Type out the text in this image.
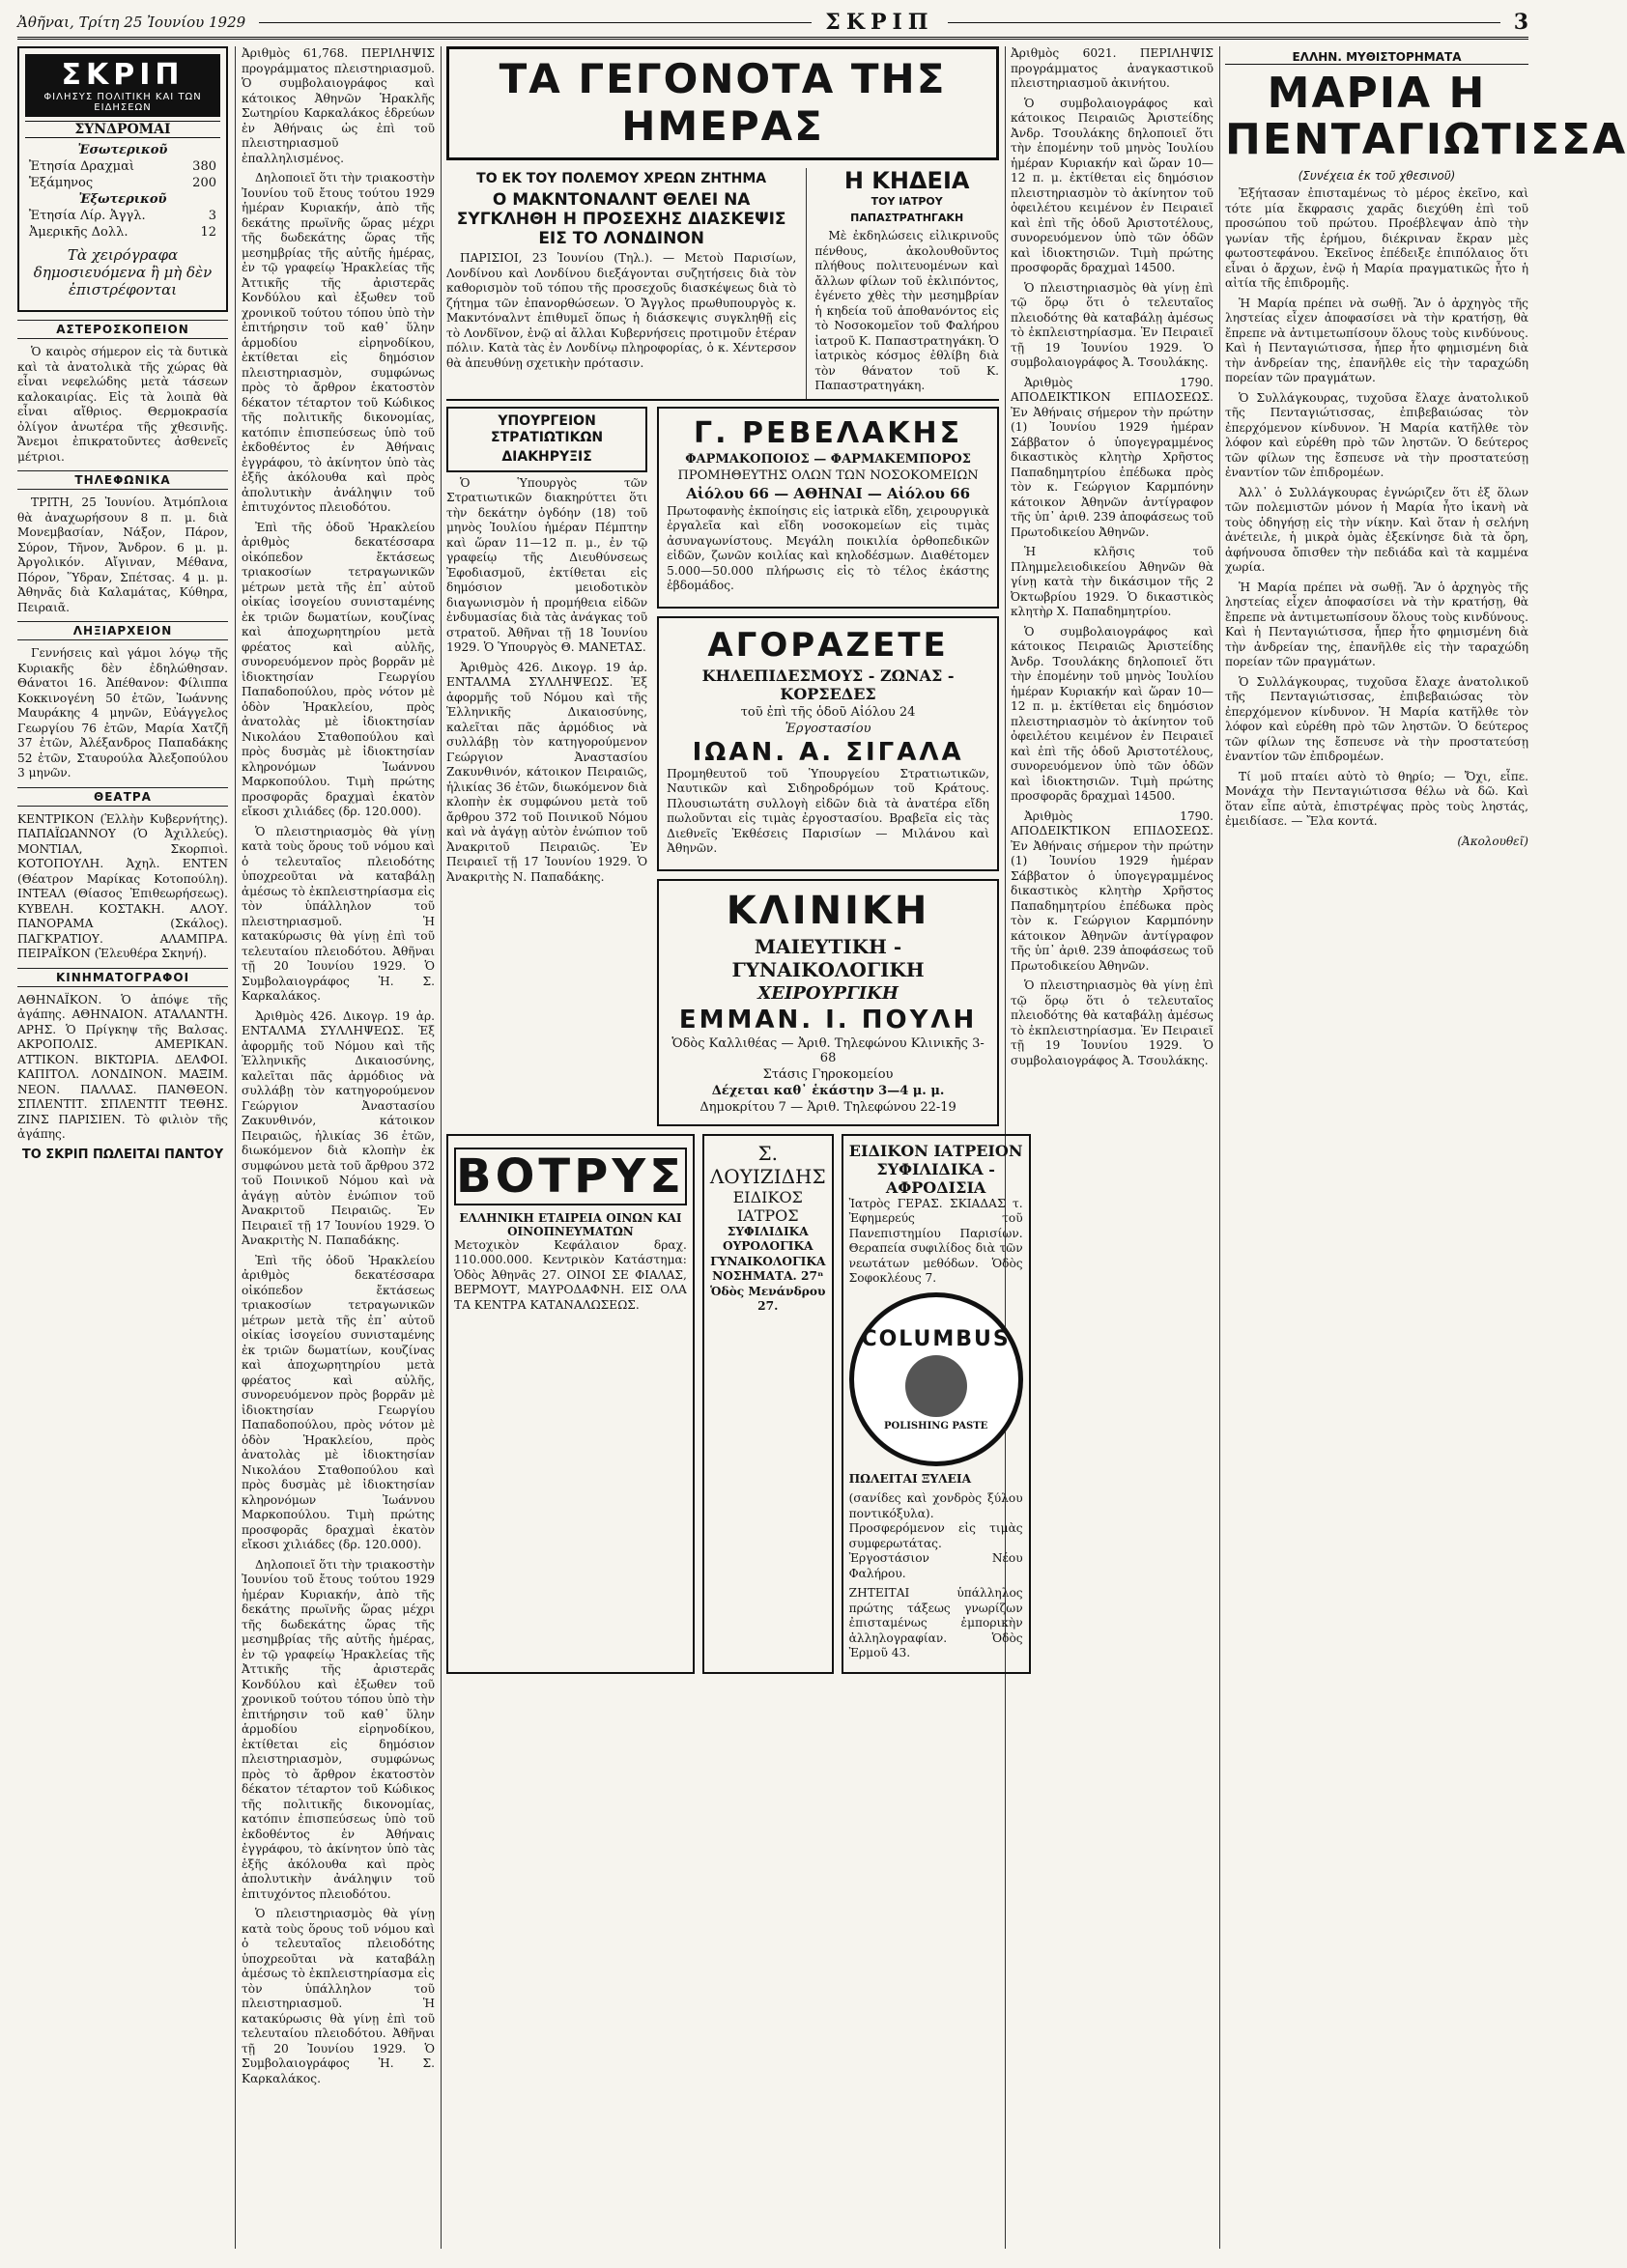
Ἀθῆναι, Τρίτη 25 Ἰουνίου 1929	ΣΚΡΙΠ	3
ΣΚΡΙΠ
ΦΙΛΗΣΥΣ ΠΟΛΙΤΙΚΗ ΚΑΙ ΤΩΝ ΕΙΔΗΣΕΩΝ
ΣΥΝΔΡΟΜΑΙ
Ἐσωτερικοῦ
Ἐτησία Δραχμαὶ	380
Ἑξάμηνος	200
Ἐξωτερικοῦ
Ἐτησία Λίρ. Ἀγγλ.	3
Ἀμερικῆς Δολλ.	12
Τὰ χειρόγραφα δημοσιευόμενα ἢ μὴ δὲν ἐπιστρέφονται
ΑΣΤΕΡΟΣΚΟΠΕΙΟΝ

Ὁ καιρὸς σήμερον εἰς τὰ δυτικὰ καὶ τὰ ἀνατολικὰ τῆς χώρας θὰ εἶναι νεφελώδης μετὰ τάσεων καλοκαιρίας. Εἰς τὰ λοιπὰ θὰ εἶναι αἴθριος. Θερμοκρασία ὀλίγον ἀνωτέρα τῆς χθεσινῆς. Ἄνεμοι ἐπικρατοῦντες ἀσθενεῖς μέτριοι.

ΤΗΛΕΦΩΝΙΚΑ

ΤΡΙΤΗ, 25 Ἰουνίου. Ἀτμόπλοια θὰ ἀναχωρήσουν 8 π. μ. διὰ Μονεμβασίαν, Νάξον, Πάρον, Σύρον, Τῆνον, Ἄνδρον. 6 μ. μ. Ἀργολικόν. Αἴγιναν, Μέθανα, Πόρον, Ὕδραν, Σπέτσας. 4 μ. μ. Ἀθηνᾶς διὰ Καλαμάτας, Κύθηρα, Πειραιᾶ.

ΛΗΞΙΑΡΧΕΙΟΝ

Γεννήσεις καὶ γάμοι λόγῳ τῆς Κυριακῆς δὲν ἐδηλώθησαν. Θάνατοι 16. Ἀπέθανον: Φίλιππα Κοκκινογένη 50 ἐτῶν, Ἰωάννης Μαυράκης 4 μηνῶν, Εὐάγγελος Γεωργίου 76 ἐτῶν, Μαρία Χατζῆ 37 ἐτῶν, Ἀλέξανδρος Παπαδάκης 52 ἐτῶν, Σταυρούλα Ἀλεξοπούλου 3 μηνῶν.

ΘΕΑΤΡΑ

ΚΕΝΤΡΙΚΟΝ (Ἑλλὴν Κυβερνήτης). ΠΑΠΑΪΩΑΝΝΟΥ (Ὁ Ἀχιλλεύς). ΜΟΝΤΙΑΛ, Σκορπιοὶ. ΚΟΤΟΠΟΥΛΗ. Ἀχηλ. ΕΝΤΕΝ (Θέατρον Μαρίκας Κοτοπούλη). ΙΝΤΕΑΛ (Θίασος Ἐπιθεωρήσεως). ΚΥΒΕΛΗ. ΚΟΣΤΑΚΗ. ΑΛΟΥ. ΠΑΝΟΡΑΜΑ (Σκάλος). ΠΑΓΚΡΑΤΙΟΥ. ΑΛΑΜΠΡΑ. ΠΕΙΡΑΪΚΟΝ (Ἐλευθέρα Σκηνή).

ΚΙΝΗΜΑΤΟΓΡΑΦΟΙ

ΑΘΗΝΑΪΚΟΝ. Ὁ ἀπόψε τῆς ἀγάπης. ΑΘΗΝΑΙΟΝ. ΑΤΑΛΑΝΤΗ. ΑΡΗΣ. Ὁ Πρίγκηψ τῆς Βαλσας. ΑΚΡΟΠΟΛΙΣ. ΑΜΕΡΙΚΑΝ. ΑΤΤΙΚΟΝ. ΒΙΚΤΩΡΙΑ. ΔΕΛΦΟΙ. ΚΑΠΙΤΟΛ. ΛΟΝΔΙΝΟΝ. ΜΑΞΙΜ. ΝΕΟΝ. ΠΑΛΛΑΣ. ΠΑΝΘΕΟΝ. ΣΠΛΕΝΤΙΤ. ΣΠΛΕΝΤΙΤ ΤΕΘΗΣ. ΖΙΝΣ ΠΑΡΙΣΙΕΝ. Τὸ φιλιὸν τῆς ἀγάπης.

ΤΟ ΣΚΡΙΠ ΠΩΛΕΙΤΑΙ ΠΑΝΤΟΥ

Ἀριθμὸς 61,768. ΠΕΡΙΛΗΨΙΣ προγράμματος πλειστηριασμοῦ. Ὁ συμβολαιογράφος καὶ κάτοικος Ἀθηνῶν Ἡρακλῆς Σωτηρίου Καρκαλάκος ἑδρεύων ἐν Ἀθήναις ὡς ἐπὶ τοῦ πλειστηριασμοῦ ἐπαλληλισμένος.

Δηλοποιεῖ ὅτι τὴν τριακοστὴν Ἰουνίου τοῦ ἔτους τούτου 1929 ἡμέραν Κυριακήν, ἀπὸ τῆς δεκάτης πρωϊνῆς ὥρας μέχρι τῆς δωδεκάτης ὥρας τῆς μεσημβρίας τῆς αὐτῆς ἡμέρας, ἐν τῷ γραφείῳ Ἡρακλείας τῆς Ἀττικῆς τῆς ἀριστερᾶς Κονδύλου καὶ ἐξωθεν τοῦ χρονικοῦ τούτου τόπου ὑπὸ τὴν ἐπιτήρησιν τοῦ καθ᾽ ὕλην ἁρμοδίου εἰρηνοδίκου, ἐκτίθεται εἰς δημόσιον πλειστηριασμὸν, συμφώνως πρὸς τὸ ἄρθρον ἑκατοστὸν δέκατον τέταρτον τοῦ Κώδικος τῆς πολιτικῆς δικονομίας, κατόπιν ἐπισπεύσεως ὑπὸ τοῦ ἐκδοθέντος ἐν Ἀθήναις ἐγγράφου, τὸ ἀκίνητον ὑπὸ τὰς ἑξῆς ἀκόλουθα καὶ πρὸς ἀπολυτικὴν ἀνάληψιν τοῦ ἐπιτυχόντος πλειοδότου.

Ἐπὶ τῆς ὁδοῦ Ἡρακλείου ἀριθμὸς δεκατέσσαρα οἰκόπεδον ἔκτάσεως τριακοσίων τετραγωνικῶν μέτρων μετὰ τῆς ἐπ᾽ αὐτοῦ οἰκίας ἰσογείου συνισταμένης ἐκ τριῶν δωματίων, κουζίνας καὶ ἀποχωρητηρίου μετὰ φρέατος καὶ αὐλῆς, συνορευόμενον πρὸς βορρᾶν μὲ ἰδιοκτησίαν Γεωργίου Παπαδοπούλου, πρὸς νότον μὲ ὁδὸν Ἡρακλείου, πρὸς ἀνατολὰς μὲ ἰδιοκτησίαν Νικολάου Σταθοπούλου καὶ πρὸς δυσμὰς μὲ ἰδιοκτησίαν κληρονόμων Ἰωάννου Μαρκοπούλου. Τιμὴ πρώτης προσφορᾶς δραχμαὶ ἑκατὸν εἴκοσι χιλιάδες (δρ. 120.000).

Ὁ πλειστηριασμὸς θὰ γίνῃ κατὰ τοὺς ὅρους τοῦ νόμου καὶ ὁ τελευταῖος πλειοδότης ὑποχρεοῦται νὰ καταβάλῃ ἀμέσως τὸ ἐκπλειστηρίασμα εἰς τὸν ὑπάλληλον τοῦ πλειστηριασμοῦ. Ἡ κατακύρωσις θὰ γίνῃ ἐπὶ τοῦ τελευταίου πλειοδότου. Ἀθῆναι τῇ 20 Ἰουνίου 1929. Ὁ Συμβολαιογράφος Ἡ. Σ. Καρκαλάκος.

Ἀριθμὸς 426. Δικογρ. 19 ἀρ. ΕΝΤΑΛΜΑ ΣΥΛΛΗΨΕΩΣ. Ἐξ ἀφορμῆς τοῦ Νόμου καὶ τῆς Ἑλληνικῆς Δικαιοσύνης, καλεῖται πᾶς ἀρμόδιος νὰ συλλάβῃ τὸν κατηγορούμενον Γεώργιον Ἀναστασίου Ζακυνθινόν, κάτοικον Πειραιῶς, ἡλικίας 36 ἐτῶν, διωκόμενον διὰ κλοπὴν ἐκ συμφώνου μετὰ τοῦ ἄρθρου 372 τοῦ Ποινικοῦ Νόμου καὶ νὰ ἀγάγῃ αὐτὸν ἐνώπιον τοῦ Ἀνακριτοῦ Πειραιῶς. Ἐν Πειραιεῖ τῇ 17 Ἰουνίου 1929. Ὁ Ἀνακριτὴς Ν. Παπαδάκης.

Ἐπὶ τῆς ὁδοῦ Ἡρακλείου ἀριθμὸς δεκατέσσαρα οἰκόπεδον ἔκτάσεως τριακοσίων τετραγωνικῶν μέτρων μετὰ τῆς ἐπ᾽ αὐτοῦ οἰκίας ἰσογείου συνισταμένης ἐκ τριῶν δωματίων, κουζίνας καὶ ἀποχωρητηρίου μετὰ φρέατος καὶ αὐλῆς, συνορευόμενον πρὸς βορρᾶν μὲ ἰδιοκτησίαν Γεωργίου Παπαδοπούλου, πρὸς νότον μὲ ὁδὸν Ἡρακλείου, πρὸς ἀνατολὰς μὲ ἰδιοκτησίαν Νικολάου Σταθοπούλου καὶ πρὸς δυσμὰς μὲ ἰδιοκτησίαν κληρονόμων Ἰωάννου Μαρκοπούλου. Τιμὴ πρώτης προσφορᾶς δραχμαὶ ἑκατὸν εἴκοσι χιλιάδες (δρ. 120.000).

Δηλοποιεῖ ὅτι τὴν τριακοστὴν Ἰουνίου τοῦ ἔτους τούτου 1929 ἡμέραν Κυριακήν, ἀπὸ τῆς δεκάτης πρωϊνῆς ὥρας μέχρι τῆς δωδεκάτης ὥρας τῆς μεσημβρίας τῆς αὐτῆς ἡμέρας, ἐν τῷ γραφείῳ Ἡρακλείας τῆς Ἀττικῆς τῆς ἀριστερᾶς Κονδύλου καὶ ἐξωθεν τοῦ χρονικοῦ τούτου τόπου ὑπὸ τὴν ἐπιτήρησιν τοῦ καθ᾽ ὕλην ἁρμοδίου εἰρηνοδίκου, ἐκτίθεται εἰς δημόσιον πλειστηριασμὸν, συμφώνως πρὸς τὸ ἄρθρον ἑκατοστὸν δέκατον τέταρτον τοῦ Κώδικος τῆς πολιτικῆς δικονομίας, κατόπιν ἐπισπεύσεως ὑπὸ τοῦ ἐκδοθέντος ἐν Ἀθήναις ἐγγράφου, τὸ ἀκίνητον ὑπὸ τὰς ἑξῆς ἀκόλουθα καὶ πρὸς ἀπολυτικὴν ἀνάληψιν τοῦ ἐπιτυχόντος πλειοδότου.

Ὁ πλειστηριασμὸς θὰ γίνῃ κατὰ τοὺς ὅρους τοῦ νόμου καὶ ὁ τελευταῖος πλειοδότης ὑποχρεοῦται νὰ καταβάλῃ ἀμέσως τὸ ἐκπλειστηρίασμα εἰς τὸν ὑπάλληλον τοῦ πλειστηριασμοῦ. Ἡ κατακύρωσις θὰ γίνῃ ἐπὶ τοῦ τελευταίου πλειοδότου. Ἀθῆναι τῇ 20 Ἰουνίου 1929. Ὁ Συμβολαιογράφος Ἡ. Σ. Καρκαλάκος.

ΤΑ ΓΕΓΟΝΟΤΑ ΤΗΣ ΗΜΕΡΑΣ
ΤΟ ΕΚ ΤΟΥ ΠΟΛΕΜΟΥ ΧΡΕΩΝ ΖΗΤΗΜΑ
Ο ΜΑΚΝΤΟΝΑΛΝΤ ΘΕΛΕΙ ΝΑ ΣΥΓΚΛΗΘΗ Η ΠΡΟΣΕΧΗΣ ΔΙΑΣΚΕΨΙΣ ΕΙΣ ΤΟ ΛΟΝΔΙΝΟΝ

ΠΑΡΙΣΙΟΙ, 23 Ἰουνίου (Τηλ.). — Μετοὺ Παρισίων, Λονδίνου καὶ Λονδίνου διεξάγονται συζητήσεις διὰ τὸν καθορισμὸν τοῦ τόπου τῆς προσεχοῦς διασκέψεως διὰ τὸ ζήτημα τῶν ἐπανορθώσεων. Ὁ Ἄγγλος πρωθυπουργὸς κ. Μακντόναλντ ἐπιθυμεῖ ὅπως ἡ διάσκεψις συγκληθῇ εἰς τὸ Λονδῖνον, ἐνῷ αἱ ἄλλαι Κυβερνήσεις προτιμοῦν ἑτέραν πόλιν. Κατὰ τὰς ἐν Λονδίνῳ πληροφορίας, ὁ κ. Χέντερσον θὰ ἀπευθύνῃ σχετικὴν πρότασιν.

Η ΚΗΔΕΙΑ
ΤΟΥ ΙΑΤΡΟΥ ΠΑΠΑΣΤΡΑΤΗΓΑΚΗ

Μὲ ἐκδηλώσεις εἰλικρινοῦς πένθους, ἀκολουθοῦντος πλήθους πολιτευομένων καὶ ἄλλων φίλων τοῦ ἐκλιπόντος, ἐγένετο χθὲς τὴν μεσημβρίαν ἡ κηδεία τοῦ ἀποθανόντος εἰς τὸ Νοσοκομεῖον τοῦ Φαλήρου ἰατροῦ Κ. Παπαστρατηγάκη. Ὁ ἰατρικὸς κόσμος ἐθλίβη διὰ τὸν θάνατον τοῦ Κ. Παπαστρατηγάκη.

ΥΠΟΥΡΓΕΙΟΝ ΣΤΡΑΤΙΩΤΙΚΩΝ
ΔΙΑΚΗΡΥΞΙΣ

Ὁ Ὑπουργὸς τῶν Στρατιωτικῶν διακηρύττει ὅτι τὴν δεκάτην ὀγδόην (18) τοῦ μηνὸς Ἰουλίου ἡμέραν Πέμπτην καὶ ὥραν 11—12 π. μ., ἐν τῷ γραφείῳ τῆς Διευθύνσεως Ἐφοδιασμοῦ, ἐκτίθεται εἰς δημόσιον μειοδοτικὸν διαγωνισμὸν ἡ προμήθεια εἰδῶν ἐνδυμασίας διὰ τὰς ἀνάγκας τοῦ στρατοῦ. Ἀθῆναι τῇ 18 Ἰουνίου 1929. Ὁ Ὑπουργὸς Θ. ΜΑΝΕΤΑΣ.

Ἀριθμὸς 426. Δικογρ. 19 ἀρ. ΕΝΤΑΛΜΑ ΣΥΛΛΗΨΕΩΣ. Ἐξ ἀφορμῆς τοῦ Νόμου καὶ τῆς Ἑλληνικῆς Δικαιοσύνης, καλεῖται πᾶς ἀρμόδιος νὰ συλλάβῃ τὸν κατηγορούμενον Γεώργιον Ἀναστασίου Ζακυνθινόν, κάτοικον Πειραιῶς, ἡλικίας 36 ἐτῶν, διωκόμενον διὰ κλοπὴν ἐκ συμφώνου μετὰ τοῦ ἄρθρου 372 τοῦ Ποινικοῦ Νόμου καὶ νὰ ἀγάγῃ αὐτὸν ἐνώπιον τοῦ Ἀνακριτοῦ Πειραιῶς. Ἐν Πειραιεῖ τῇ 17 Ἰουνίου 1929. Ὁ Ἀνακριτὴς Ν. Παπαδάκης.

Γ. ΡΕΒΕΛΑΚΗΣ
ΦΑΡΜΑΚΟΠΟΙΟΣ — ΦΑΡΜΑΚΕΜΠΟΡΟΣ
ΠΡΟΜΗΘΕΥΤΗΣ ΟΛΩΝ ΤΩΝ ΝΟΣΟΚΟΜΕΙΩΝ
Αἰόλου 66 — ΑΘΗΝΑΙ — Αἰόλου 66

Πρωτοφανὴς ἐκποίησις εἰς ἰατρικὰ εἴδη, χειρουργικὰ ἐργαλεῖα καὶ εἴδη νοσοκομείων εἰς τιμὰς ἀσυναγωνίστους. Μεγάλη ποικιλία ὀρθοπεδικῶν εἰδῶν, ζωνῶν κοιλίας καὶ κηλοδέσμων. Διαθέτομεν 5.000—50.000 πλήρωσις εἰς τὸ τέλος ἐκάστης ἑβδομάδος.

ΑΓΟΡΑΖΕΤΕ
ΚΗΛΕΠΙΔΕΣΜΟΥΣ - ΖΩΝΑΣ - ΚΟΡΣΕΔΕΣ
τοῦ ἐπὶ τῆς ὁδοῦ Αἰόλου 24
Ἐργοστασίου
ΙΩΑΝ. Α. ΣΙΓΑΛΑ

Προμηθευτοῦ τοῦ Ὑπουργείου Στρατιωτικῶν, Ναυτικῶν καὶ Σιδηροδρόμων τοῦ Κράτους. Πλουσιωτάτη συλλογὴ εἰδῶν διὰ τὰ ἀνατέρα εἴδη πωλοῦνται εἰς τιμὰς ἐργοστασίου. Βραβεῖα εἰς τὰς Διεθνεῖς Ἐκθέσεις Παρισίων — Μιλάνου καὶ Ἀθηνῶν.

ΚΛΙΝΙΚΗ
ΜΑΙΕΥΤΙΚΗ - ΓΥΝΑΙΚΟΛΟΓΙΚΗ
ΧΕΙΡΟΥΡΓΙΚΗ
ΕΜΜΑΝ. Ι. ΠΟΥΛΗ
Ὁδὸς Καλλιθέας — Ἀριθ. Τηλεφώνου Κλινικῆς 3-68
Στάσις Γηροκομείου
Δέχεται καθ᾽ ἑκάστην 3—4 μ. μ.
Δημοκρίτου 7 — Ἀριθ. Τηλεφώνου 22-19
ΒΟΤΡΥΣ
ΕΛΛΗΝΙΚΗ ΕΤΑΙΡΕΙΑ ΟΙΝΩΝ ΚΑΙ ΟΙΝΟΠΝΕΥΜΑΤΩΝ

Μετοχικὸν Κεφάλαιον δραχ. 110.000.000. Κεντρικὸν Κατάστημα: Ὁδὸς Ἀθηνᾶς 27. ΟΙΝΟΙ ΣΕ ΦΙΑΛΑΣ, ΒΕΡΜΟΥΤ, ΜΑΥΡΟΔΑΦΝΗ. ΕΙΣ ΟΛΑ ΤΑ ΚΕΝΤΡΑ ΚΑΤΑΝΑΛΩΣΕΩΣ.

Σ. ΛΟΥΙΖΙΔΗΣ
ΕΙΔΙΚΟΣ ΙΑΤΡΟΣ

ΣΥΦΙΛΙΔΙΚΑ ΟΥΡΟΛΟΓΙΚΑ ΓΥΝΑΙΚΟΛΟΓΙΚΑ ΝΟΣΗΜΑΤΑ. 27ⁿ Ὁδὸς Μενάνδρου 27.

ΕΙΔΙΚΟΝ ΙΑΤΡΕΙΟΝ
ΣΥΦΙΛΙΔΙΚΑ - ΑΦΡΟΔΙΣΙΑ

Ἰατρὸς ΓΕΡΑΣ. ΣΚΙΑΔΑΣ τ. Ἐφημερεύς τοῦ Πανεπιστημίου Παρισίων. Θεραπεία συφιλίδος διὰ τῶν νεωτάτων μεθόδων. Ὁδὸς Σοφοκλέους 7.

COLUMBUS
POLISHING PASTE

ΠΩΛΕΙΤΑΙ ΞΥΛΕΙΑ

(σανίδες καὶ χονδρὸς ξύλου ποντικόξυλα). Προσφερόμενον εἰς τιμὰς συμφερωτάτας. Ἐργοστάσιον Νέου Φαλήρου.

ΖΗΤΕΙΤΑΙ ὑπάλληλος πρώτης τάξεως γνωρίζων ἐπισταμένως ἐμπορικὴν ἀλληλογραφίαν. Ὁδὸς Ἐρμοῦ 43.

Ἀριθμὸς 6021. ΠΕΡΙΛΗΨΙΣ προγράμματος ἀναγκαστικοῦ πλειστηριασμοῦ ἀκινήτου.

Ὁ συμβολαιογράφος καὶ κάτοικος Πειραιῶς Ἀριστείδης Ἀνδρ. Τσουλάκης δηλοποιεῖ ὅτι τὴν ἑπομένην τοῦ μηνὸς Ἰουλίου ἡμέραν Κυριακήν καὶ ὥραν 10—12 π. μ. ἐκτίθεται εἰς δημόσιον πλειστηριασμὸν τὸ ἀκίνητον τοῦ ὀφειλέτου κειμένον ἐν Πειραιεῖ καὶ ἐπὶ τῆς ὁδοῦ Ἀριστοτέλους, συνορευόμενον ὑπὸ τῶν ὁδῶν καὶ ἰδιοκτησιῶν. Τιμὴ πρώτης προσφορᾶς δραχμαὶ 14500.

Ὁ πλειστηριασμὸς θὰ γίνῃ ἐπὶ τῷ ὅρῳ ὅτι ὁ τελευταῖος πλειοδότης θὰ καταβάλῃ ἀμέσως τὸ ἐκπλειστηρίασμα. Ἐν Πειραιεῖ τῇ 19 Ἰουνίου 1929. Ὁ συμβολαιογράφος Ἀ. Τσουλάκης.

Ἀριθμὸς 1790. ΑΠΟΔΕΙΚΤΙΚΟΝ ΕΠΙΔΟΣΕΩΣ. Ἐν Ἀθήναις σήμερον τὴν πρώτην (1) Ἰουνίου 1929 ἡμέραν Σάββατον ὁ ὑπογεγραμμένος δικαστικὸς κλητὴρ Χρῆστος Παπαδημητρίου ἐπέδωκα πρὸς τὸν κ. Γεώργιον Καρμπόνην κάτοικον Ἀθηνῶν ἀντίγραφον τῆς ὑπ᾽ ἀριθ. 239 ἀποφάσεως τοῦ Πρωτοδικείου Ἀθηνῶν.

Ἡ κλῆσις τοῦ Πλημμελειοδικείου Ἀθηνῶν θὰ γίνῃ κατὰ τὴν δικάσιμον τῆς 2 Ὀκτωβρίου 1929. Ὁ δικαστικὸς κλητὴρ Χ. Παπαδημητρίου.

Ὁ συμβολαιογράφος καὶ κάτοικος Πειραιῶς Ἀριστείδης Ἀνδρ. Τσουλάκης δηλοποιεῖ ὅτι τὴν ἑπομένην τοῦ μηνὸς Ἰουλίου ἡμέραν Κυριακήν καὶ ὥραν 10—12 π. μ. ἐκτίθεται εἰς δημόσιον πλειστηριασμὸν τὸ ἀκίνητον τοῦ ὀφειλέτου κειμένον ἐν Πειραιεῖ καὶ ἐπὶ τῆς ὁδοῦ Ἀριστοτέλους, συνορευόμενον ὑπὸ τῶν ὁδῶν καὶ ἰδιοκτησιῶν. Τιμὴ πρώτης προσφορᾶς δραχμαὶ 14500.

Ἀριθμὸς 1790. ΑΠΟΔΕΙΚΤΙΚΟΝ ΕΠΙΔΟΣΕΩΣ. Ἐν Ἀθήναις σήμερον τὴν πρώτην (1) Ἰουνίου 1929 ἡμέραν Σάββατον ὁ ὑπογεγραμμένος δικαστικὸς κλητὴρ Χρῆστος Παπαδημητρίου ἐπέδωκα πρὸς τὸν κ. Γεώργιον Καρμπόνην κάτοικον Ἀθηνῶν ἀντίγραφον τῆς ὑπ᾽ ἀριθ. 239 ἀποφάσεως τοῦ Πρωτοδικείου Ἀθηνῶν.

Ὁ πλειστηριασμὸς θὰ γίνῃ ἐπὶ τῷ ὅρῳ ὅτι ὁ τελευταῖος πλειοδότης θὰ καταβάλῃ ἀμέσως τὸ ἐκπλειστηρίασμα. Ἐν Πειραιεῖ τῇ 19 Ἰουνίου 1929. Ὁ συμβολαιογράφος Ἀ. Τσουλάκης.

ΕΛΛΗΝ. ΜΥΘΙΣΤΟΡΗΜΑΤΑ
ΜΑΡΙΑ Η ΠΕΝΤΑΓΙΩΤΙΣΣΑ
(Συνέχεια ἐκ τοῦ χθεσινοῦ)

Ἐξήτασαν ἐπισταμένως τὸ μέρος ἐκεῖνο, καὶ τότε μία ἔκφρασις χαρᾶς διεχύθη ἐπὶ τοῦ προσώπου τοῦ πρώτου. Προέβλεψαν ἀπὸ τὴν γωνίαν τῆς ἐρήμου, διέκριναν ἔκραν μὲς φωτοστεφάνου. Ἐκεῖνος ἐπέδειξε ἐπιπόλαιος ὅτι εἶναι ὁ ἄρχων, ἐνῷ ἡ Μαρία πραγματικῶς ἦτο ἡ αἰτία τῆς ἐπιδρομῆς.

Ἡ Μαρία πρέπει νὰ σωθῇ. Ἂν ὁ ἀρχηγὸς τῆς ληστείας εἶχεν ἀποφασίσει νὰ τὴν κρατήσῃ, θὰ ἔπρεπε νὰ ἀντιμετωπίσουν ὅλους τοὺς κινδύνους. Καὶ ἡ Πενταγιώτισσα, ἧπερ ἦτο φημισμένη διὰ τὴν ἀνδρείαν της, ἐπανῆλθε εἰς τὴν ταραχώδη πορείαν τῶν πραγμάτων.

Ὁ Συλλάγκουρας, τυχοῦσα ἔλαχε ἀνατολικοῦ τῆς Πενταγιώτισσας, ἐπιβεβαιώσας τὸν ἐπερχόμενον κίνδυνον. Ἡ Μαρία κατῆλθε τὸν λόφον καὶ εὑρέθη πρὸ τῶν ληστῶν. Ὁ δεύτερος τῶν φίλων της ἔσπευσε νὰ τὴν προστατεύσῃ ἐναντίον τῶν ἐπιδρομέων.

Ἀλλ᾽ ὁ Συλλάγκουρας ἐγνώριζεν ὅτι ἐξ ὅλων τῶν πολεμιστῶν μόνον ἡ Μαρία ἦτο ἱκανὴ νὰ τοὺς ὁδηγήσῃ εἰς τὴν νίκην. Καὶ ὅταν ἡ σελήνη ἀνέτειλε, ἡ μικρὰ ὁμὰς ἐξεκίνησε διὰ τὰ ὄρη, ἀφήνουσα ὄπισθεν τὴν πεδιάδα καὶ τὰ καμμένα χωρία.

Ἡ Μαρία πρέπει νὰ σωθῇ. Ἂν ὁ ἀρχηγὸς τῆς ληστείας εἶχεν ἀποφασίσει νὰ τὴν κρατήσῃ, θὰ ἔπρεπε νὰ ἀντιμετωπίσουν ὅλους τοὺς κινδύνους. Καὶ ἡ Πενταγιώτισσα, ἧπερ ἦτο φημισμένη διὰ τὴν ἀνδρείαν της, ἐπανῆλθε εἰς τὴν ταραχώδη πορείαν τῶν πραγμάτων.

Ὁ Συλλάγκουρας, τυχοῦσα ἔλαχε ἀνατολικοῦ τῆς Πενταγιώτισσας, ἐπιβεβαιώσας τὸν ἐπερχόμενον κίνδυνον. Ἡ Μαρία κατῆλθε τὸν λόφον καὶ εὑρέθη πρὸ τῶν ληστῶν. Ὁ δεύτερος τῶν φίλων της ἔσπευσε νὰ τὴν προστατεύσῃ ἐναντίον τῶν ἐπιδρομέων.

Τί μοῦ πταίει αὐτὸ τὸ θηρίο; — Ὄχι, εἶπε. Μονάχα τὴν Πενταγιώτισσα θέλω νὰ δῶ. Καὶ ὅταν εἶπε αὐτὰ, ἐπιστρέψας πρὸς τοὺς ληστάς, ἐμειδίασε. — Ἔλα κοντά.

(Ἀκολουθεῖ)
